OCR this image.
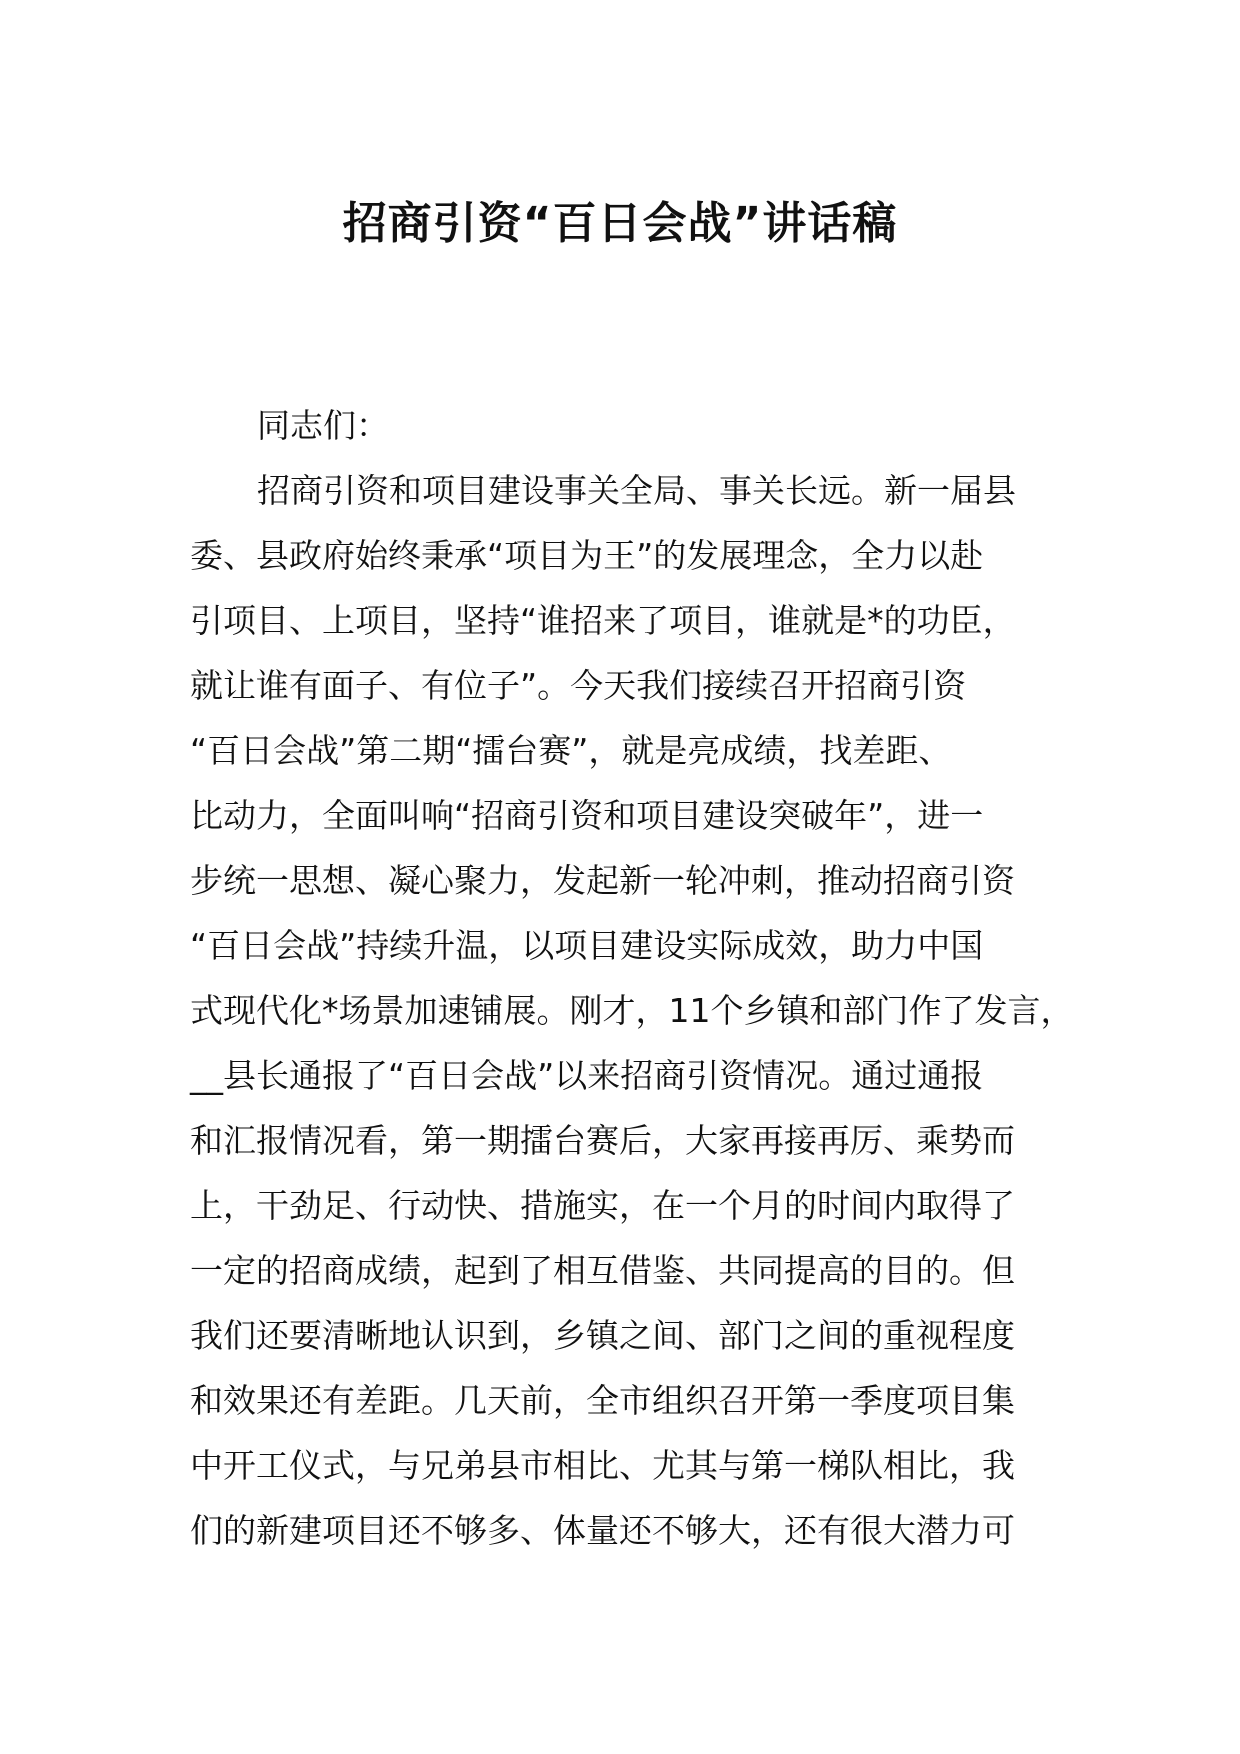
招商引资“百日会战”讲话稿
同志们：
招商引资和项目建设事关全局、事关长远。新一届县
委、县政府始终秉承“项目为王”的发展理念，全力以赴
引项目、上项目，坚持“谁招来了项目，谁就是*的功臣，
就让谁有面子、有位子”。今天我们接续召开招商引资
“百日会战”第二期“擂台赛”，就是亮成绩，找差距、
比动力，全面叫响“招商引资和项目建设突破年”，进一
步统一思想、凝心聚力，发起新一轮冲刺，推动招商引资
“百日会战”持续升温，以项目建设实际成效，助力中国
式现代化*场景加速铺展。刚才，11个乡镇和部门作了发言，
__县长通报了“百日会战”以来招商引资情况。通过通报
和汇报情况看，第一期擂台赛后，大家再接再厉、乘势而
上，干劲足、行动快、措施实，在一个月的时间内取得了
一定的招商成绩，起到了相互借鉴、共同提高的目的。但
我们还要清晰地认识到，乡镇之间、部门之间的重视程度
和效果还有差距。几天前，全市组织召开第一季度项目集
中开工仪式，与兄弟县市相比、尤其与第一梯队相比，我
们的新建项目还不够多、体量还不够大，还有很大潜力可
